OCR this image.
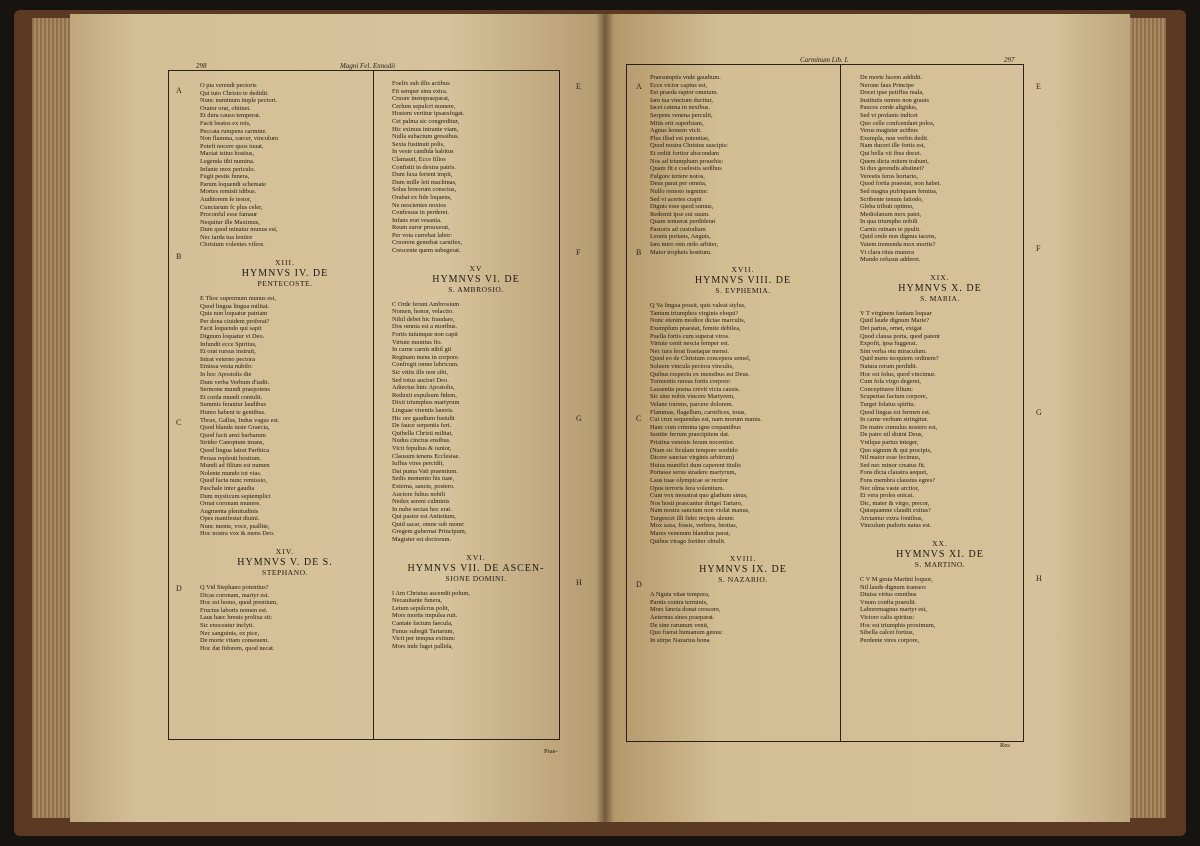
298	Magni Fel. Ennodii
Carminum Lib. I.	297
A
B
C
D
E
F
G
H
A
B
C
D
E
F
G
H

O pia verendi pectoris

Qui tuto Christo te dedidit.

Nunc numinum imple pectori.

Orator orat, obtinet.

Et dura causo temperat.

Facit beatos ex reis,

Peccata rumpens carmine.

Non flamma, carcer, vinculum

Poteft nocere quos iuuat.

Mactat istius hostius,

Legenda tibi numina.

Infante mox periculo.

Fugit pestis funera,

Parum loquendi schemate

Mortes remisit idibus.

Auditorem fe testor,

Cunctarum fc plus celer,

Proconful esse famaur

Nequitur ille Maximus,

Dum quod minatur munus est,

Nec tarda tua lentior

Christum volentes vifere.

XIII.
HYMNVS IV. DE
PENTECOSTE.

E Thoc supremum munus est,

Quod lingua lingua militat.

Quis non loquatur patriam

Per dona ciuidem proferat?

Facit loquendo qui sapit

Dignum loquatur vi Deo.

Infundit ecce Spiritus,

Et orat rursus instruit,

Intrat veterno pectora

Emissa vesta nubilo:

In hoc Apostolis die

Dum verba Verbum d'iadit.

Sermone mundi praepotens

Et corda mundi contulit.

Summis ferantur laudibus

Humo habent te gentibus.

Thrax, Gallus, Indus vagus est.

Quod blanda iuste Graecia,

Quod facit anxi barbarum

Strider Canoptum imans,

Quod lingua latrat Parthica

Persas repleuit hostium.

Mundi ad filium est numen

Nolente mundo tot vias.

Quod facta nunc remissio,

Paschale inter gaudia

Dum mysticum septemplici

Ornat coronam munere.

Augmenta plenitudinis

Opes manifestat diuini.

Nunc mente, voce, psallite,

Hoc nostra vox & mens Deo.

XIV.
HYMNVS V. DE S.
STEPHANO.

Q Vid Stephano potentius?

Dicas coronam, martyr est.

Hoc est homo, quod premium,

Fructus laboris nomen est.

Laus haec breuis prolixa sit:

Sic enoceatur inclyti.

Nec sanguinis, ex pice,

De morte vitam conseuent.

Hoc dat fidorem, quod necat.

Foelix sub illis actibus

Fit semper sinu extra.

Cruore inempraeparat,

Cerlum sepulcri munere,

Hostem vertitur ipsaesfugat.

Cet palma sic congreditur,

Hic eximus intrante viam,

Nulla subactum gressibus.

Sexta fustinuit polis,

In veste candida habitus

Clamauit, Ecce filios

Confistit in dextra patris.

Dum faxa ferient impii,

Dum mille leti machinas,

Solus bonorum conscius,

Orabat ex fide loquens,

Ne nescientes noxios

Confessus in perderet.

Infans erat vesania.

Reum suror prouxerat,

Per vota currebat labor:

Cruorem gemebat carnifex,

Crescente quem subegerat.

XV
HYMNVS VI. DE
S. AMBROSIO.

C Orde ferunt Ambrosium

Nomen, honor, velactio.

Nihil debet hic fraudare,

Dos omnia est a moribus.

Fortis tutumque non capit

Virtute munitus fio.

In carne carnis nihil git

Reginam mens in corpore.

Confregit omne lubricum.

Sic vitiis ille non sibi,

Sed totus auctori Deo.

Adiectus hinc Apostolis,

Reduxit expulsum fidem,

Dixit triumphos martyrum

Linguae virentis laureis.

Hic ore gaudium fustulit

De fauce serpentis feri.

Quibella Christi militat,

Nudus cinctus ensibus.

Vicit fepultus & iunior,

Clausum tenens Ecclesiae.

Iuffus vires percidit,

Dat puma Vati praemium.

Sedis memento his tuae,

Externa, sancte, postero.

Auctore fultus nobili

Nedux sereni culminis

In nube sectas hoc erat.

Qui pastor est Antistium,

Quid sacar, omne sub mone:

Gregem gubernat Principum,

Magister est doctorum.

XVI.
HYMNVS VII. DE ASCEN-
SIONE DOMINI.

I Am Christus ascendit polum,

Necauitante funera,

Letum sepulcrus polit,

Mors mortis impulsa ruit.

Cantate factum faecula,

Funus subegit Tartarum,

Vicit per tempus exitum:

Mors inde luget pallida,

Praesumptis vnde gaudium.

Ecce victor captus est,

Est praeda raptor omnium.

Iam tua vinctum ducitur,

Iacet catena in nexibus.

Serpens venena perculit,

Mitis erit superbiam,

Agnus leonem vicit.

Plus illud est potentiae,

Quod nostra Christus suscipis:

Et rediit fortior abscondam

Nos ad triumphum prouehis:

Quam fit e coelestis sedibus

Fulgore tertere notos,

Deus parat per omnia,

Nullo remoto tegmine:

Sed vi acertes crapit

Dignis esse quod sumus,

Redemit ipse sui suum.

Quam tenuerat perdiderat

Pastoris ad custodiam

Leonis portans, Anguis,

Iam miro rem ordo arbiter,

Maior tropheis hostium.

XVII.
HYMNVS VIII. DE
S. EVPHEMIA.

Q Va lingua possit, quis valeat stylus,

Tantum triumphos virginis eloqui?

Nunc etenim modice dictae marculis,

Exemplum praestat, femite debilea,

Puella fortis cum superat viros.

Virtute cenit nescia femper est.

Nec iura ferat fraetaque mensi.

Quod eo de Christum concepera semel,

Soluere vincula pectora vinculis,

Quibus respectu ex mensibus est Deus.

Tormentis rursus fortis corpore:

Lassentia poena crevit victa causis.

Sic sine nobis vincere Martyrem,

Velane torrens, parcere dolorem.

Flammas, flagellum, carnifices, totas,

Cui crux sequendas est, nam morum numis.

Hanc cum crimina igne crepantibus

Iustitie ferrum praecipitem dat.

Pristina venenis ferum nocentior.

(Nam sic ficulam tempore sordido

Dicere sanctae virginis arbitrum)

Huius munifici dum caperent titulis

Portasse serus stradere martyrum,

Laus tuae olympicae se rectior

Opus terroris fera volentium.

Cum vox moustrat quo gladium sinus,

Nos hosti praecantur diriget Tartaro,

Nam nostra sanctum non violat manus,

Turgescet illi fidei recipis aleum:

Mox saxa, fossis, verbera, bestias,

Mares venenum blandius parat,

Quibus virago fortiter obtulit.

XVIII.
HYMNVS IX. DE
S. NAZARIO.

A Nguta vitae tempora,

Parnis contra terminis,

Mors fancta donat crescere,

Aeternus sines praeparat.

De sine rarunum venit,

Quo fuerat humanum genus:

In stirpe Nazarius bona

De morte lucem addidit.

Nerone faus Principe

Docet ipse petiffus mala,

Institutis omnes non grauis

Paucos corde aligidus,

Sed vt profanis indicet

Quo celle confcendant polos,

Verus magister actibus

Exempla, non verbis dedit.

Nam duceri ille fortis est,

Qui bella vii ibus docet.

Quem dicta mitem trahunt,

Si dux gerendis abstinet?

Verestis ferus hortario,

Quod fortia praestat, non habet.

Sed magna pufriquam femina,

Scribente tenum fatiodo,

Gleba tribuit optimo,

Mediolanum mox patet,

In qua triumpho nobili

Carnis ruinam te ppulit.

Quid omle non dignus iacens,

Vatem tremenda mox mortis?

Vt clara ritus munera

Mundo refusus adderet.

XIX.
HYMNVS X. DE
S. MARIA.

V T virginem fantam loquar

Quid laude dignum Marie?

Det partus, ornet, exigat

Quod clausa porta, quod patent

Expofit, ipsa fuggerat.

Sint verba otu miraculum.

Quid mens tecquiem ordinem?

Natura rerum perdidit.

Hoc est folus, quod vincimur.

Cum fola virgo degeret,

Conceptiuere filium:

Scuperiae factum corpore,

Turget folatus spiritu.

Quod lingua est fermen est.

In carne verbum stringitur.

De matre cumulus nostere est,

De patre nil diuini Deus,

Vnilque partus integer,

Quo signum & qui procipis,

Nil maior esse fecimus,

Sed nec minor creatus fit.

Fons dicta claustra aequet,

Fons membra claustus egres?

Nec ulma vaste arctior,

Et vera proles enicat.

Dic, mater & virgo, precor,

Quisquamne claudit exitus?

Arctantur extra fontibus,

Vinculum pudoris natus est.

XX.
HYMNVS XI. DE
S. MARTINO.

C V M gesta Martini loquor,

Nil laude dignum transeo:

Diuisa virtus omnibus

Vnum confta praeulit.

Laboremagnus martyr est,

Victore calis spiritus:

Hoc est triumphis proximum,

Sibella calcet fortius,

Perdente vires corpore,

Prae-
Res
